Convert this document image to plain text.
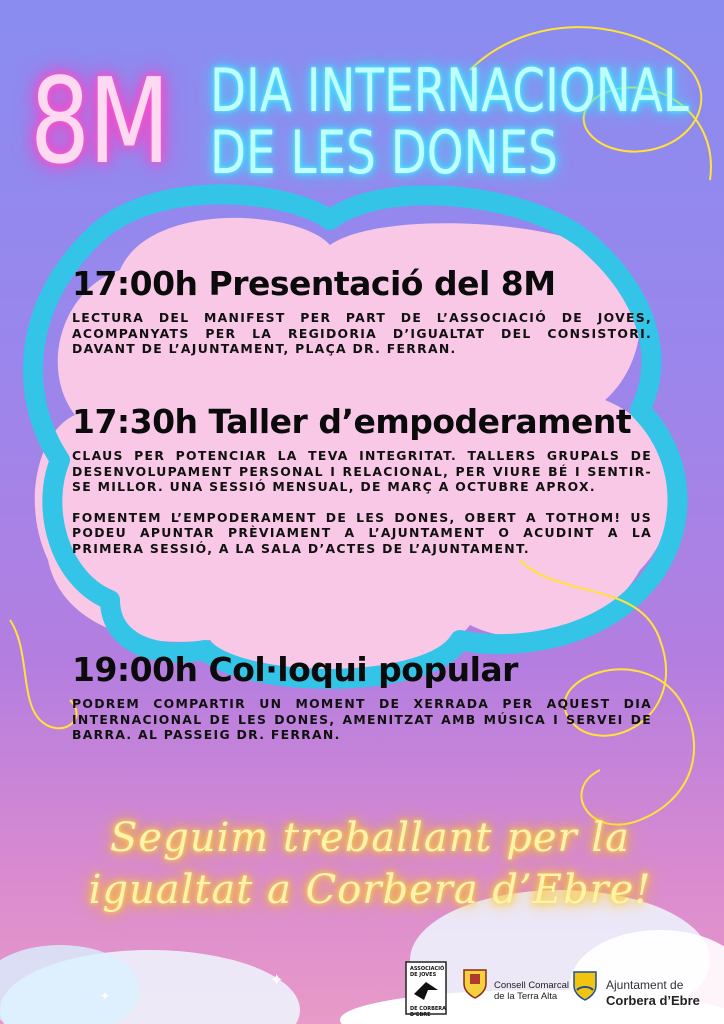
✦
✦
8M DIA INTERNACIONAL
DE LES DONES
17:00h Presentació del 8M
LECTURA DEL MANIFEST PER PART DE L’ASSOCIACIÓ DE JOVES, ACOMPANYATS PER LA REGIDORIA D’IGUALTAT DEL CONSISTORI. DAVANT DE L’AJUNTAMENT, PLAÇA DR. FERRAN.
17:30h Taller d’empoderament
CLAUS PER POTENCIAR LA TEVA INTEGRITAT. TALLERS GRUPALS DE DESENVOLUPAMENT PERSONAL I RELACIONAL, PER VIURE BÉ I SENTIR-SE MILLOR. UNA SESSIÓ MENSUAL, DE MARÇ A OCTUBRE APROX.
FOMENTEM L’EMPODERAMENT DE LES DONES, OBERT A TOTHOM! US PODEU APUNTAR PRÈVIAMENT A L’AJUNTAMENT O ACUDINT A LA PRIMERA SESSIÓ, A LA SALA D’ACTES DE L’AJUNTAMENT.
19:00h Col·loqui popular
PODREM COMPARTIR UN MOMENT DE XERRADA PER AQUEST DIA INTERNACIONAL DE LES DONES, AMENITZAT AMB MÚSICA I SERVEI DE BARRA. AL PASSEIG DR. FERRAN.
Seguim treballant per la
igualtat a Corbera d’Ebre!
ASSOCIACIÓ DE JOVES
DE CORBERA D’EBRE
Consell Comarcal
de la Terra Alta
Ajuntament de
Corbera d’Ebre
